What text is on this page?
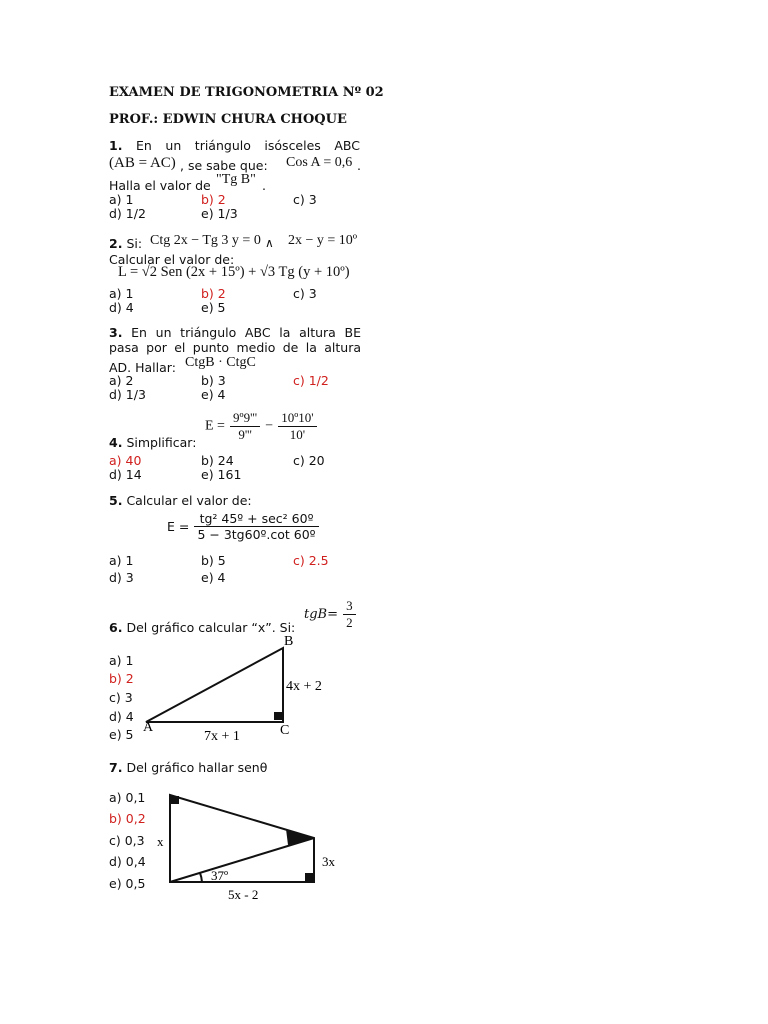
EXAMEN DE TRIGONOMETRIA Nº 02
PROF.: EDWIN CHURA CHOQUE
1. En un triángulo isósceles ABC
(AB = AC) , se sabe que: Cos A = 0,6 .
Halla el valor de "Tg B" .
a) 1	b) 2	c) 3
d) 1/2	e) 1/3
2. Si: Ctg 2x − Tg 3 y = 0 ∧ 2x − y = 10º
Calcular el valor de:
L = √2 Sen (2x + 15º) + √3 Tg (y + 10º)
a) 1	b) 2	c) 3
d) 4	e) 5
3. En un triángulo ABC la altura BE
pasa por el punto medio de la altura
AD. Hallar: CtgB · CtgC
a) 2	b) 3	c) 1/2
d) 1/3	e) 4
$E = \frac{\text{9º9'''}}{9'''} - \frac{\text{10º10'}}{10'}$
4. Simplificar:
a) 40	b) 24	c) 20
d) 14	e) 161
5. Calcular el valor de:
$E = \frac{\text{tg² 45º + sec² 60º}}{\text{5 − 3tg60º.cot 60º}}$
a) 1	b) 5	c) 2.5
d) 3	e) 4
$tgB= \frac{3}{2}$
6. Del gráfico calcular “x”. Si:
a) 1
b) 2
c) 3
d) 4
e) 5 A
B
C
4x + 2
7x + 1
x
3x
5x - 2
37º
7. Del gráfico hallar senθ
a) 0,1
b) 0,2
c) 0,3
d) 0,4
e) 0,5
